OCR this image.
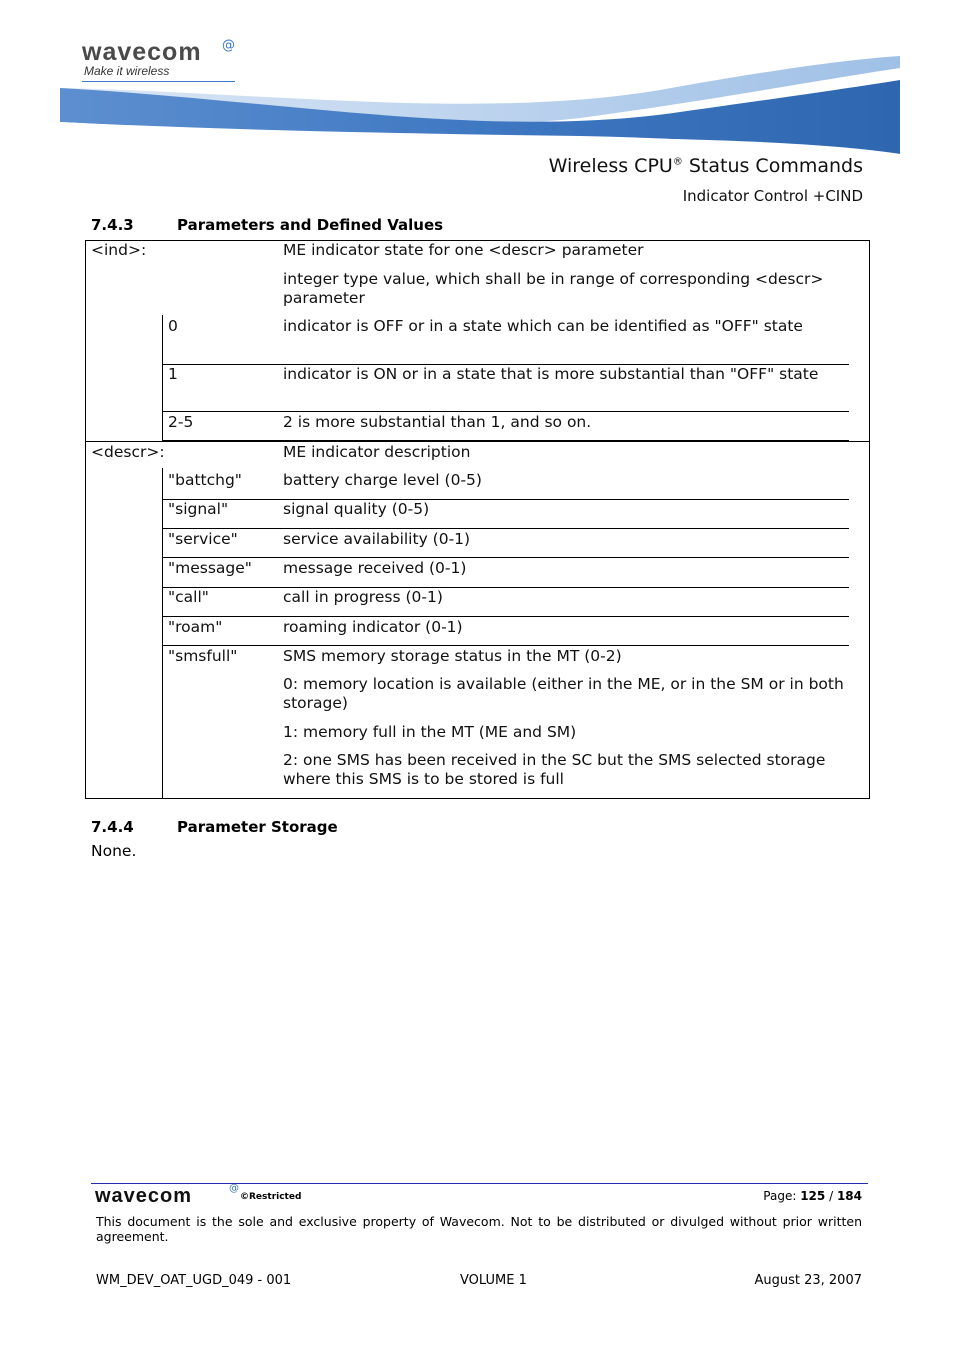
wavecom @
Make it wireless
Wireless CPU® Status Commands
Indicator Control +CIND
7.4.3	Parameters and Defined Values
<ind>:	ME indicator state for one <descr> parameter
integer type value, which shall be in range of corresponding <descr> parameter
0	indicator is OFF or in a state which can be identified as "OFF" state
1	indicator is ON or in a state that is more substantial than "OFF" state
2-5	2 is more substantial than 1, and so on.
<descr>:	ME indicator description
"battchg"	battery charge level (0-5)
"signal"	signal quality (0-5)
"service"	service availability (0-1)
"message" message received (0-1)
"call"	call in progress (0-1)
"roam"	roaming indicator (0-1)
"smsfull"	SMS memory storage status in the MT (0-2)
0: memory location is available (either in the ME, or in the SM or in both storage)
1: memory full in the MT (ME and SM)
2: one SMS has been received in the SC but the SMS selected storage where this SMS is to be stored is full
7.4.4	Parameter Storage
None.
wavecom	@
©Restricted	Page: 125 / 184
This document is the sole and exclusive property of Wavecom. Not to be distributed or divulged without prior written agreement.
WM_DEV_OAT_UGD_049 - 001	VOLUME 1	August 23, 2007
